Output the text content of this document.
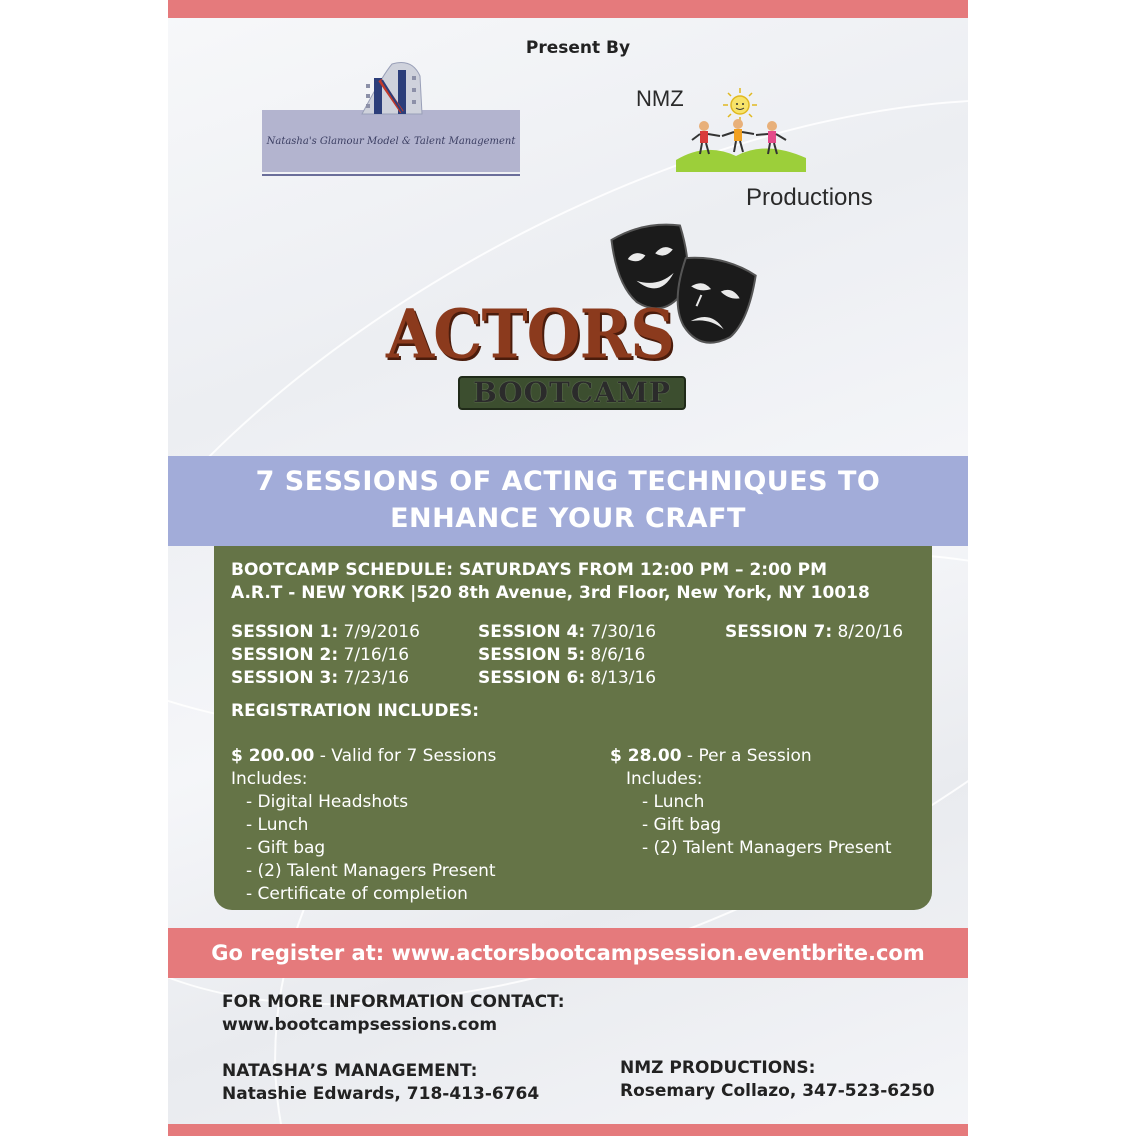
Present By
Natasha's Glamour Model & Talent Management
NMZ
Productions
ACTORS
BOOTCAMP
7 SESSIONS OF ACTING TECHNIQUES TO
ENHANCE YOUR CRAFT
BOOTCAMP SCHEDULE: SATURDAYS FROM 12:00 PM – 2:00 PM
A.R.T - NEW YORK |520 8th Avenue, 3rd Floor, New York, NY 10018
SESSION 1: 7/9/2016
SESSION 2: 7/16/16
SESSION 3: 7/23/16
SESSION 4: 7/30/16
SESSION 5: 8/6/16
SESSION 6: 8/13/16
SESSION 7: 8/20/16
REGISTRATION INCLUDES:
$ 200.00 - Valid for 7 Sessions
Includes:
- Digital Headshots
- Lunch
- Gift bag
- (2) Talent Managers Present
- Certificate of completion
$ 28.00 - Per a Session
Includes:
- Lunch
- Gift bag
- (2) Talent Managers Present
Go register at: www.actorsbootcampsession.eventbrite.com
FOR MORE INFORMATION CONTACT:
www.bootcampsessions.com
NATASHA’S MANAGEMENT:
Natashie Edwards, 718-413-6764
NMZ PRODUCTIONS:
Rosemary Collazo, 347-523-6250
